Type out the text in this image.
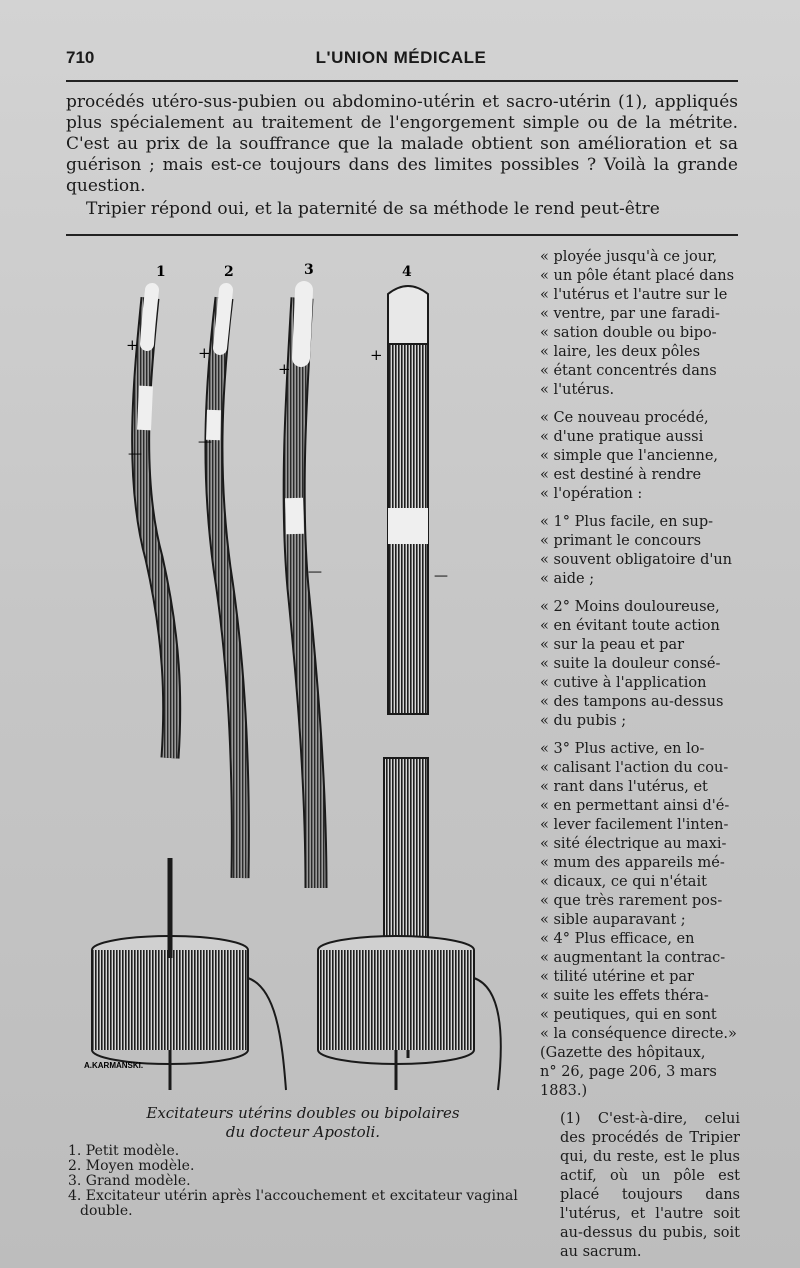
710	L'UNION MÉDICALE

procédés utéro-sus-pubien ou abdomino-utérin et sacro-utérin (1), appliqués plus spécialement au traitement de l'engorgement simple ou de la métrite. C'est au prix de la souffrance que la malade obtient son amélioration et sa guérison ; mais est-ce toujours dans des limites possibles ? Voilà la grande question.

Tripier répond oui, et la paternité de sa méthode le rend peut-être

1	2	3	4
+
—
+
—
+
—
+
—
A.KARMANSKI.
Excitateurs utérins doubles ou bipolaires
du docteur Apostoli.
1. Petit modèle.
2. Moyen modèle.
3. Grand modèle.
4. Excitateur utérin après l'accouchement et excitateur vaginal double.
« ployée jusqu'à ce jour,
« un pôle étant placé dans
« l'utérus et l'autre sur le
« ventre, par une faradi-
« sation double ou bipo-
« laire, les deux pôles
« étant concentrés dans
« l'utérus.
« Ce nouveau procédé,
« d'une pratique aussi
« simple que l'ancienne,
« est destiné à rendre
« l'opération :
« 1° Plus facile, en sup-
« primant le concours
« souvent obligatoire d'un
« aide ;
« 2° Moins douloureuse,
« en évitant toute action
« sur la peau et par
« suite la douleur consé-
« cutive à l'application
« des tampons au-dessus
« du pubis ;
« 3° Plus active, en lo-
« calisant l'action du cou-
« rant dans l'utérus, et
« en permettant ainsi d'é-
« lever facilement l'inten-
« sité électrique au maxi-
« mum des appareils mé-
« dicaux, ce qui n'était
« que très rarement pos-
« sible auparavant ;
« 4° Plus efficace, en
« augmentant la contrac-
« tilité utérine et par
« suite les effets théra-
« peutiques, qui en sont
« la conséquence directe.»
(Gazette des hôpitaux,
n° 26, page 206, 3 mars
1883.)
(1) C'est-à-dire, celui des procédés de Tripier qui, du reste, est le plus actif, où un pôle est placé toujours dans l'utérus, et l'autre soit au-dessus du pubis, soit au sacrum.
